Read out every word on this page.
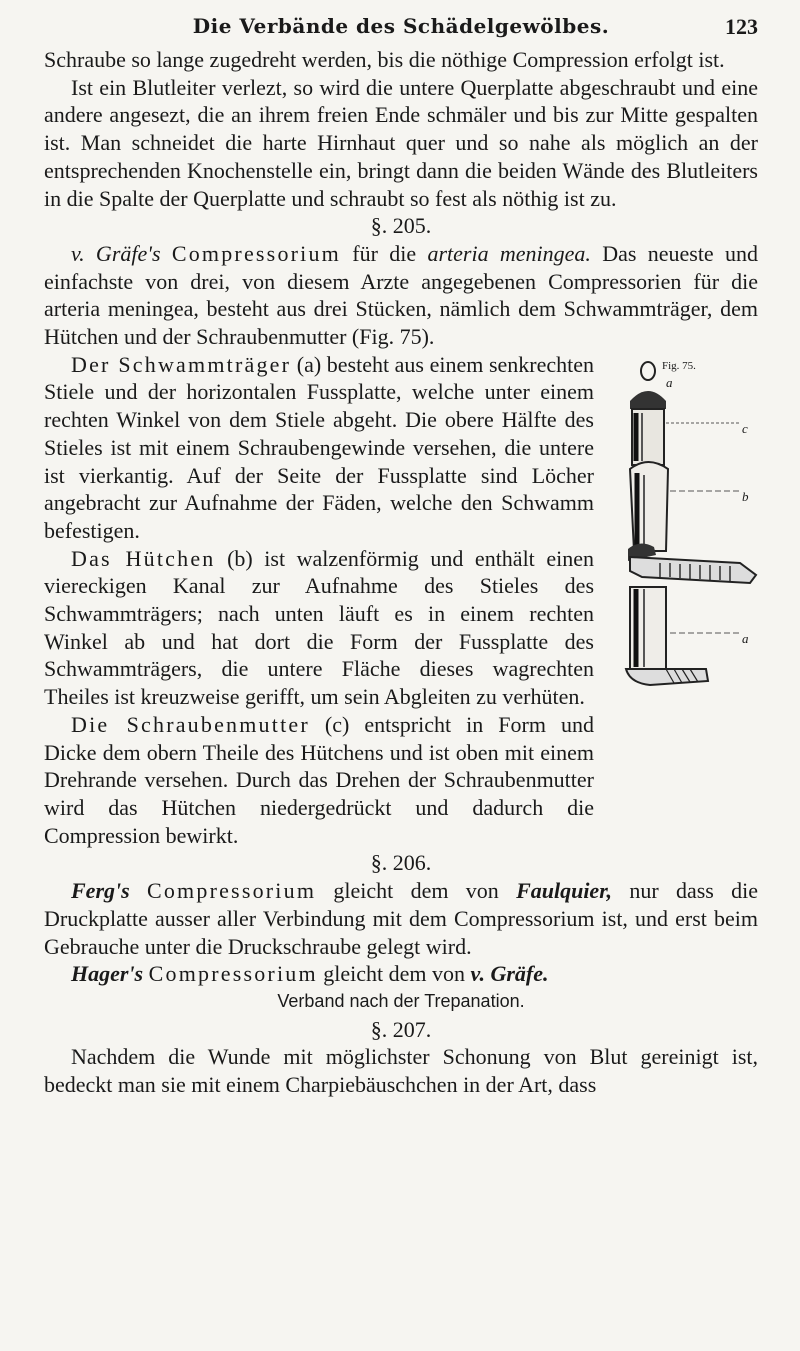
Die Verbände des Schädelgewölbes.	123

Schraube so lange zugedreht werden, bis die nöthige Compression erfolgt ist.

Ist ein Blutleiter verlezt, so wird die untere Querplatte abgeschraubt und eine andere angesezt, die an ihrem freien Ende schmäler und bis zur Mitte gespalten ist. Man schneidet die harte Hirnhaut quer und so nahe als möglich an der entsprechenden Knochenstelle ein, bringt dann die beiden Wände des Blutleiters in die Spalte der Querplatte und schraubt so fest als nöthig ist zu.

§. 205.

v. Gräfe's Compressorium für die arteria meningea. Das neueste und einfachste von drei, von diesem Arzte angegebenen Compressorien für die arteria meningea, besteht aus drei Stücken, nämlich dem Schwammträger, dem Hütchen und der Schraubenmutter (Fig. 75).

Fig. 75.
a
c
b
a

Der Schwammträger (a) besteht aus einem senkrechten Stiele und der horizontalen Fussplatte, welche unter einem rechten Winkel von dem Stiele abgeht. Die obere Hälfte des Stieles ist mit einem Schraubengewinde versehen, die untere ist vierkantig. Auf der Seite der Fussplatte sind Löcher angebracht zur Aufnahme der Fäden, welche den Schwamm befestigen.

Das Hütchen (b) ist walzenförmig und enthält einen viereckigen Kanal zur Aufnahme des Stieles des Schwammträgers; nach unten läuft es in einem rechten Winkel ab und hat dort die Form der Fussplatte des Schwammträgers, die untere Fläche dieses wagrechten Theiles ist kreuzweise gerifft, um sein Abgleiten zu verhüten.

Die Schraubenmutter (c) entspricht in Form und Dicke dem obern Theile des Hütchens und ist oben mit einem Drehrande versehen. Durch das Drehen der Schraubenmutter wird das Hütchen niedergedrückt und dadurch die Compression bewirkt.

§. 206.

Ferg's Compressorium gleicht dem von Faulquier, nur dass die Druckplatte ausser aller Verbindung mit dem Compressorium ist, und erst beim Gebrauche unter die Druckschraube gelegt wird.

Hager's Compressorium gleicht dem von v. Gräfe.

Verband nach der Trepanation.

§. 207.

Nachdem die Wunde mit möglichster Schonung von Blut gereinigt ist, bedeckt man sie mit einem Charpiebäuschchen in der Art, dass
